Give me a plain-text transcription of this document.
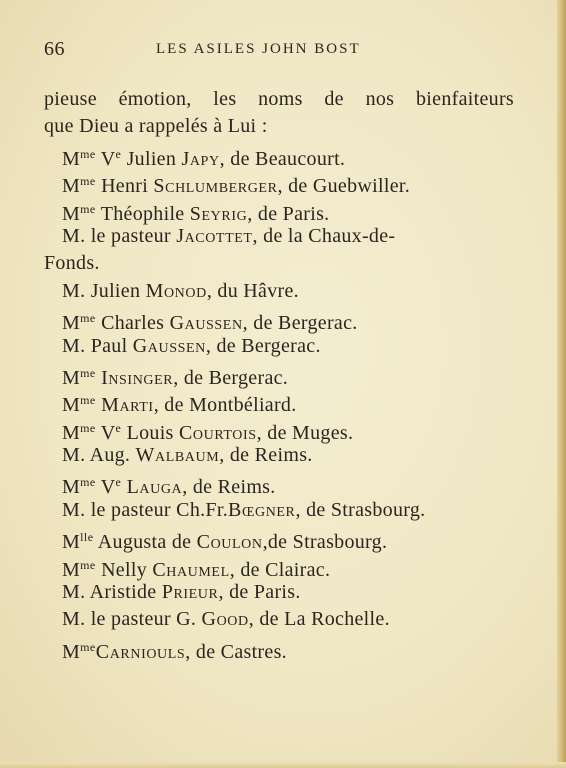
66	LES ASILES JOHN BOST
pieuse émotion, les noms de nos bienfaiteurs
que Dieu a rappelés à Lui :
$M^{me}$ Ve Julien Japy, de Beaucourt.
$M^{me}$ Henri Schlumberger, de Guebwiller.
$M^{me}$ Théophile Seyrig, de Paris.
M. le pasteur Jacottet, de la Chaux-de-
Fonds.
M. Julien Monod, du Hâvre.
$M^{me}$ Charles Gaussen, de Bergerac.
M. Paul Gaussen, de Bergerac.
$M^{me}$ Insinger, de Bergerac.
$M^{me}$ Marti, de Montbéliard.
$M^{me}$ Ve Louis Courtois, de Muges.
M. Aug. Walbaum, de Reims.
$M^{me}$ Ve Lauga, de Reims.
M. le pasteur Ch.Fr.Bœgner, de Strasbourg.
$M^{lle}$ Augusta de Coulon,de Strasbourg.
$M^{me}$ Nelly Chaumel, de Clairac.
M. Aristide Prieur, de Paris.
M. le pasteur G. Good, de La Rochelle.
$M^{me}Carniouls$, de Castres.
